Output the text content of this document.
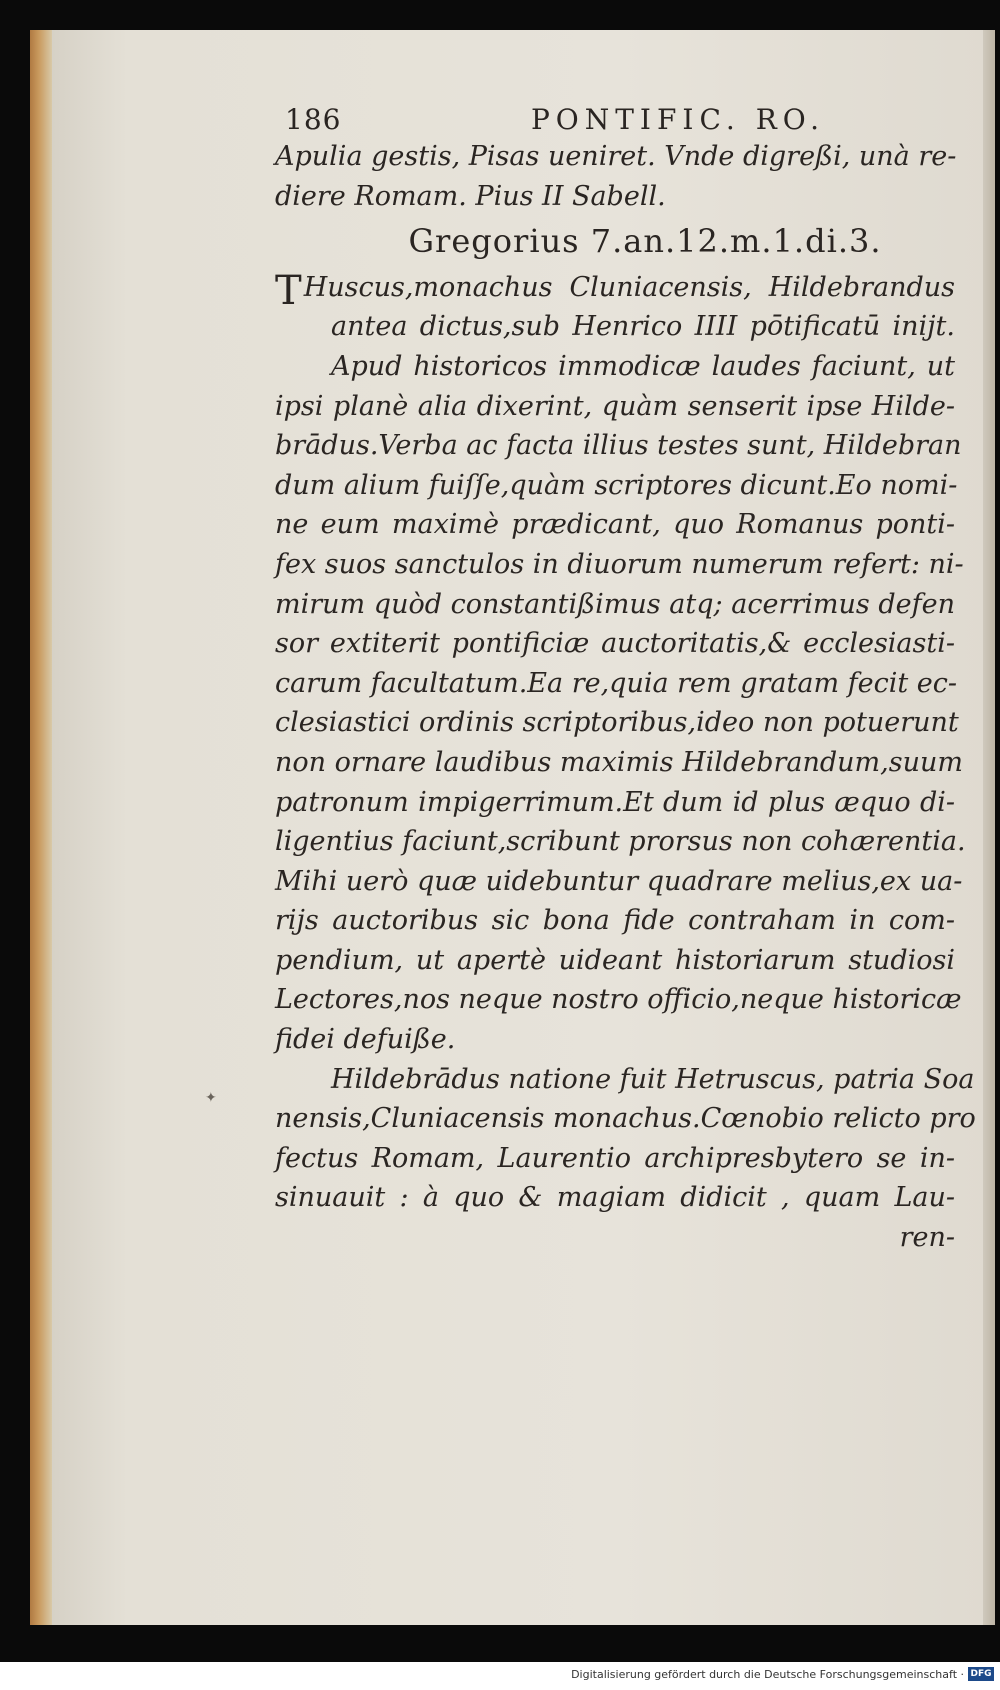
186	PONTIFIC. RO.
Apulia gestis, Pisas ueniret. Vnde digreßi, unà re-
diere Romam. Pius II Sabell.
Gregorius 7.an.12.m.1.di.3.
THuscus,monachus Cluniacensis, Hildebrandus
antea dictus,sub Henrico IIII pōtificatū inijt.
Apud historicos immodicæ laudes faciunt, ut
ipsi planè alia dixerint, quàm senserit ipse Hilde-
brādus.Verba ac facta illius testes sunt, Hildebran
dum alium fuiſſe,quàm scriptores dicunt.Eo nomi-
ne eum maximè prædicant, quo Romanus ponti-
fex suos sanctulos in diuorum numerum refert: ni-
mirum quòd constantißimus atq; acerrimus defen
sor extiterit pontificiæ auctoritatis,& ecclesiasti-
carum facultatum.Ea re,quia rem gratam fecit ec-
clesiastici ordinis scriptoribus,ideo non potuerunt
non ornare laudibus maximis Hildebrandum,suum
patronum impigerrimum.Et dum id plus æquo di-
ligentius faciunt,scribunt prorsus non cohærentia.
Mihi uerò quæ uidebuntur quadrare melius,ex ua-
rijs auctoribus sic bona fide contraham in com-
pendium, ut apertè uideant historiarum studiosi
Lectores,nos neque nostro officio,neque historicæ
fidei defuiße.
Hildebrādus natione fuit Hetruscus, patria Soa
nensis,Cluniacensis monachus.Cœnobio relicto pro
fectus Romam, Laurentio archipresbytero se in-
sinuauit : à quo & magiam didicit , quam Lau-
ren-
✦
Digitalisierung gefördert durch die Deutsche Forschungsgemeinschaft · DFG
